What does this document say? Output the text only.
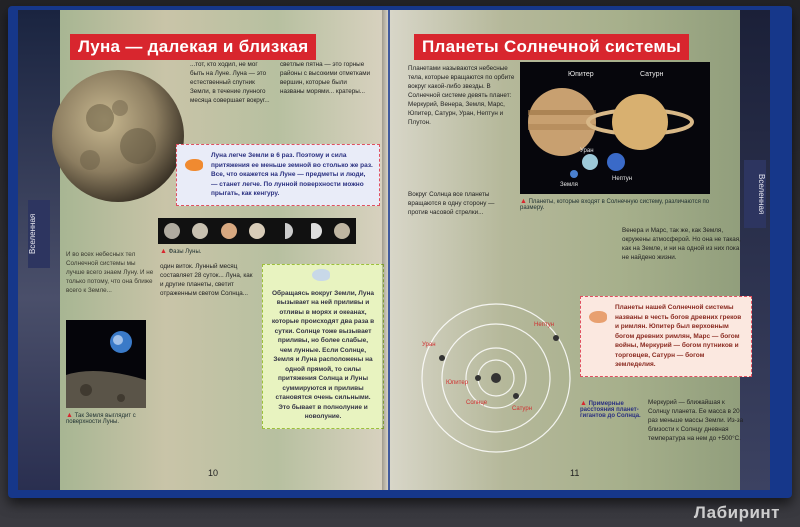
Вселенная
Луна — далекая и близкая
...тот, кто ходил, не мог быть на Луне. Луна — это естественный спутник Земли, в течение лунного месяца совершает вокруг...
светлые пятна — это горные районы с высокими отметками вершин, которые были названы морями... кратеры...
Луна легче Земли в 6 раз. Поэтому и сила притяжения ее меньше земной во столько же раз. Все, что окажется на Луне — предметы и люди, — станет легче. По лунной поверхности можно прыгать, как кенгуру.
▲ Фазы Луны.
И во всех небесных тел Солнечной системы мы лучше всего знаем Луну. И не только потому, что она ближе всего к Земле...
▲ Так Земля выглядит с поверхности Луны.
один виток. Лунный месяц составляет 28 суток... Луна, как и другие планеты, светит отраженным светом Солнца...	Обращаясь вокруг Земли, Луна вызывает на ней приливы и отливы в морях и океанах, которые происходят два раза в сутки. Солнце тоже вызывает приливы, но более слабые, чем лунные. Если Солнце, Земля и Луна расположены на одной прямой, то силы притяжения Солнца и Луны суммируются и приливы становятся очень сильными. Это бывает в полнолуние и новолуние.
10
Вселенная
Планеты Солнечной системы
Планетами называются небесные тела, которые вращаются по орбите вокруг какой-либо звезды. В Солнечной системе девять планет: Меркурий, Венера, Земля, Марс, Юпитер, Сатурн, Уран, Нептун и Плутон.
Юпитер	Сатурн
Уран
Нептун
Земля
▲ Планеты, которые входят в Солнечную систему, различаются по размеру.
Вокруг Солнца все планеты вращаются в одну сторону — против часовой стрелки...
Венера и Марс, так же, как Земля, окружены атмосферой. Но она не такая, как на Земле, и ни на одной из них пока не найдено жизни.
Планеты нашей Солнечной системы названы в честь богов древних греков и римлян. Юпитер был верховным богом древних римлян, Марс — богом войны, Меркурий — богом путников и торговцев, Сатурн — богом земледелия.
Уран
Юпитер
Солнце
Сатурн
Нептун
▲ Примерные расстояния планет-гигантов до Солнца.
Меркурий — ближайшая к Солнцу планета. Ее масса в 20 раз меньше массы Земли. Из-за близости к Солнцу дневная температура на нем до +500°C.
11
Лабиринт
